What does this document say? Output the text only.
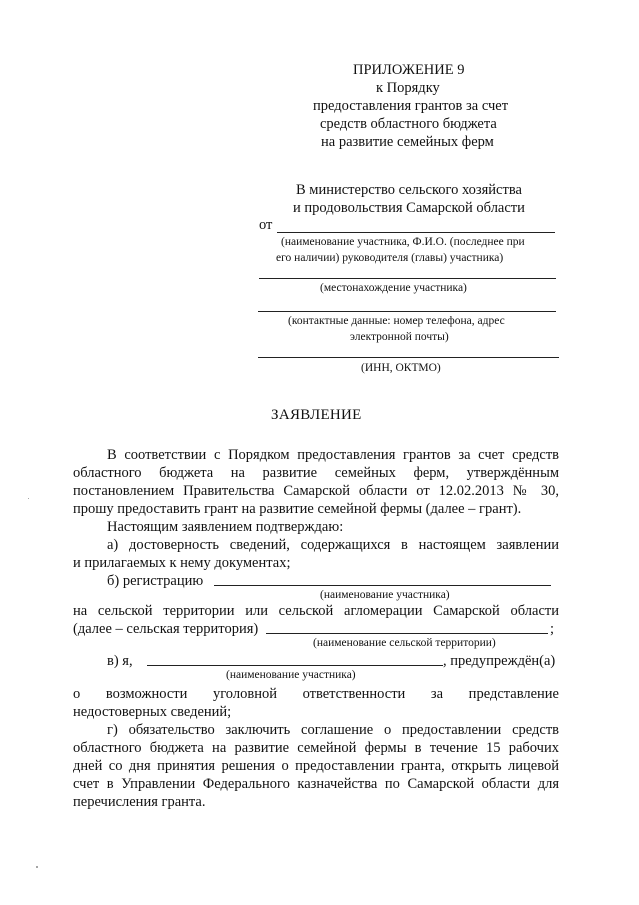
ПРИЛОЖЕНИЕ 9
к Порядку
предоставления грантов за счет
средств областного бюджета
на развитие семейных ферм
В министерство сельского хозяйства
и продовольствия Самарской области
от
(наименование участника, Ф.И.О. (последнее при
его наличии) руководителя (главы) участника)
(местонахождение участника)
(контактные данные: номер телефона, адрес
электронной почты)
(ИНН, ОКТМО)
ЗАЯВЛЕНИЕ
В соответствии с Порядком предоставления грантов за счет средств
областного бюджета на развитие семейных ферм, утверждённым
постановлением Правительства Самарской области от 12.02.2013 № 30,
прошу предоставить грант на развитие семейной фермы (далее – грант).
Настоящим заявлением подтверждаю:
а) достоверность сведений, содержащихся в настоящем заявлении
и прилагаемых к нему документах;
б) регистрацию
(наименование участника)
на сельской территории или сельской агломерации Самарской области
(далее – сельская территория)	;
(наименование сельской территории)
в) я,	, предупреждён(а)
(наименование участника)
о возможности уголовной ответственности за представление
недостоверных сведений;
г) обязательство заключить соглашение о предоставлении средств
областного бюджета на развитие семейной фермы в течение 15 рабочих
дней со дня принятия решения о предоставлении гранта, открыть лицевой
счет в Управлении Федерального казначейства по Самарской области для
перечисления гранта.
